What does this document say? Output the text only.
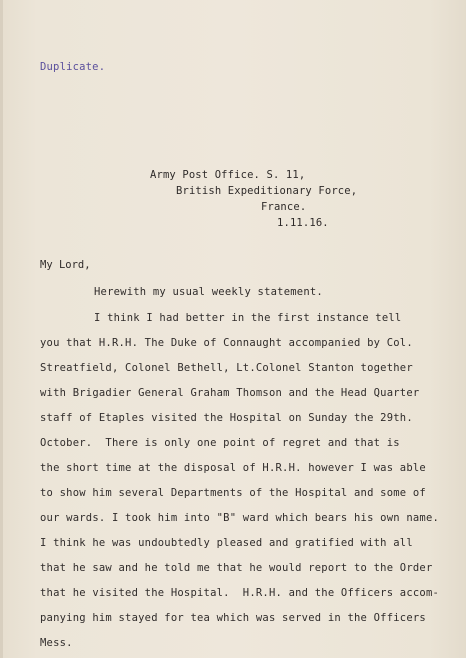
Duplicate.
Army Post Office. S. 11,
British Expeditionary Force,
France.
1.11.16.
My Lord,
Herewith my usual weekly statement.
I think I had better in the first instance tell
you that H.R.H. The Duke of Connaught accompanied by Col.
Streatfield, Colonel Bethell, Lt.Colonel Stanton together
with Brigadier General Graham Thomson and the Head Quarter
staff of Etaples visited the Hospital on Sunday the 29th.
October.  There is only one point of regret and that is
the short time at the disposal of H.R.H. however I was able
to show him several Departments of the Hospital and some of
our wards. I took him into "B" ward which bears his own name.
I think he was undoubtedly pleased and gratified with all
that he saw and he told me that he would report to the Order
that he visited the Hospital.  H.R.H. and the Officers accom-
panying him stayed for tea which was served in the Officers
Mess.
